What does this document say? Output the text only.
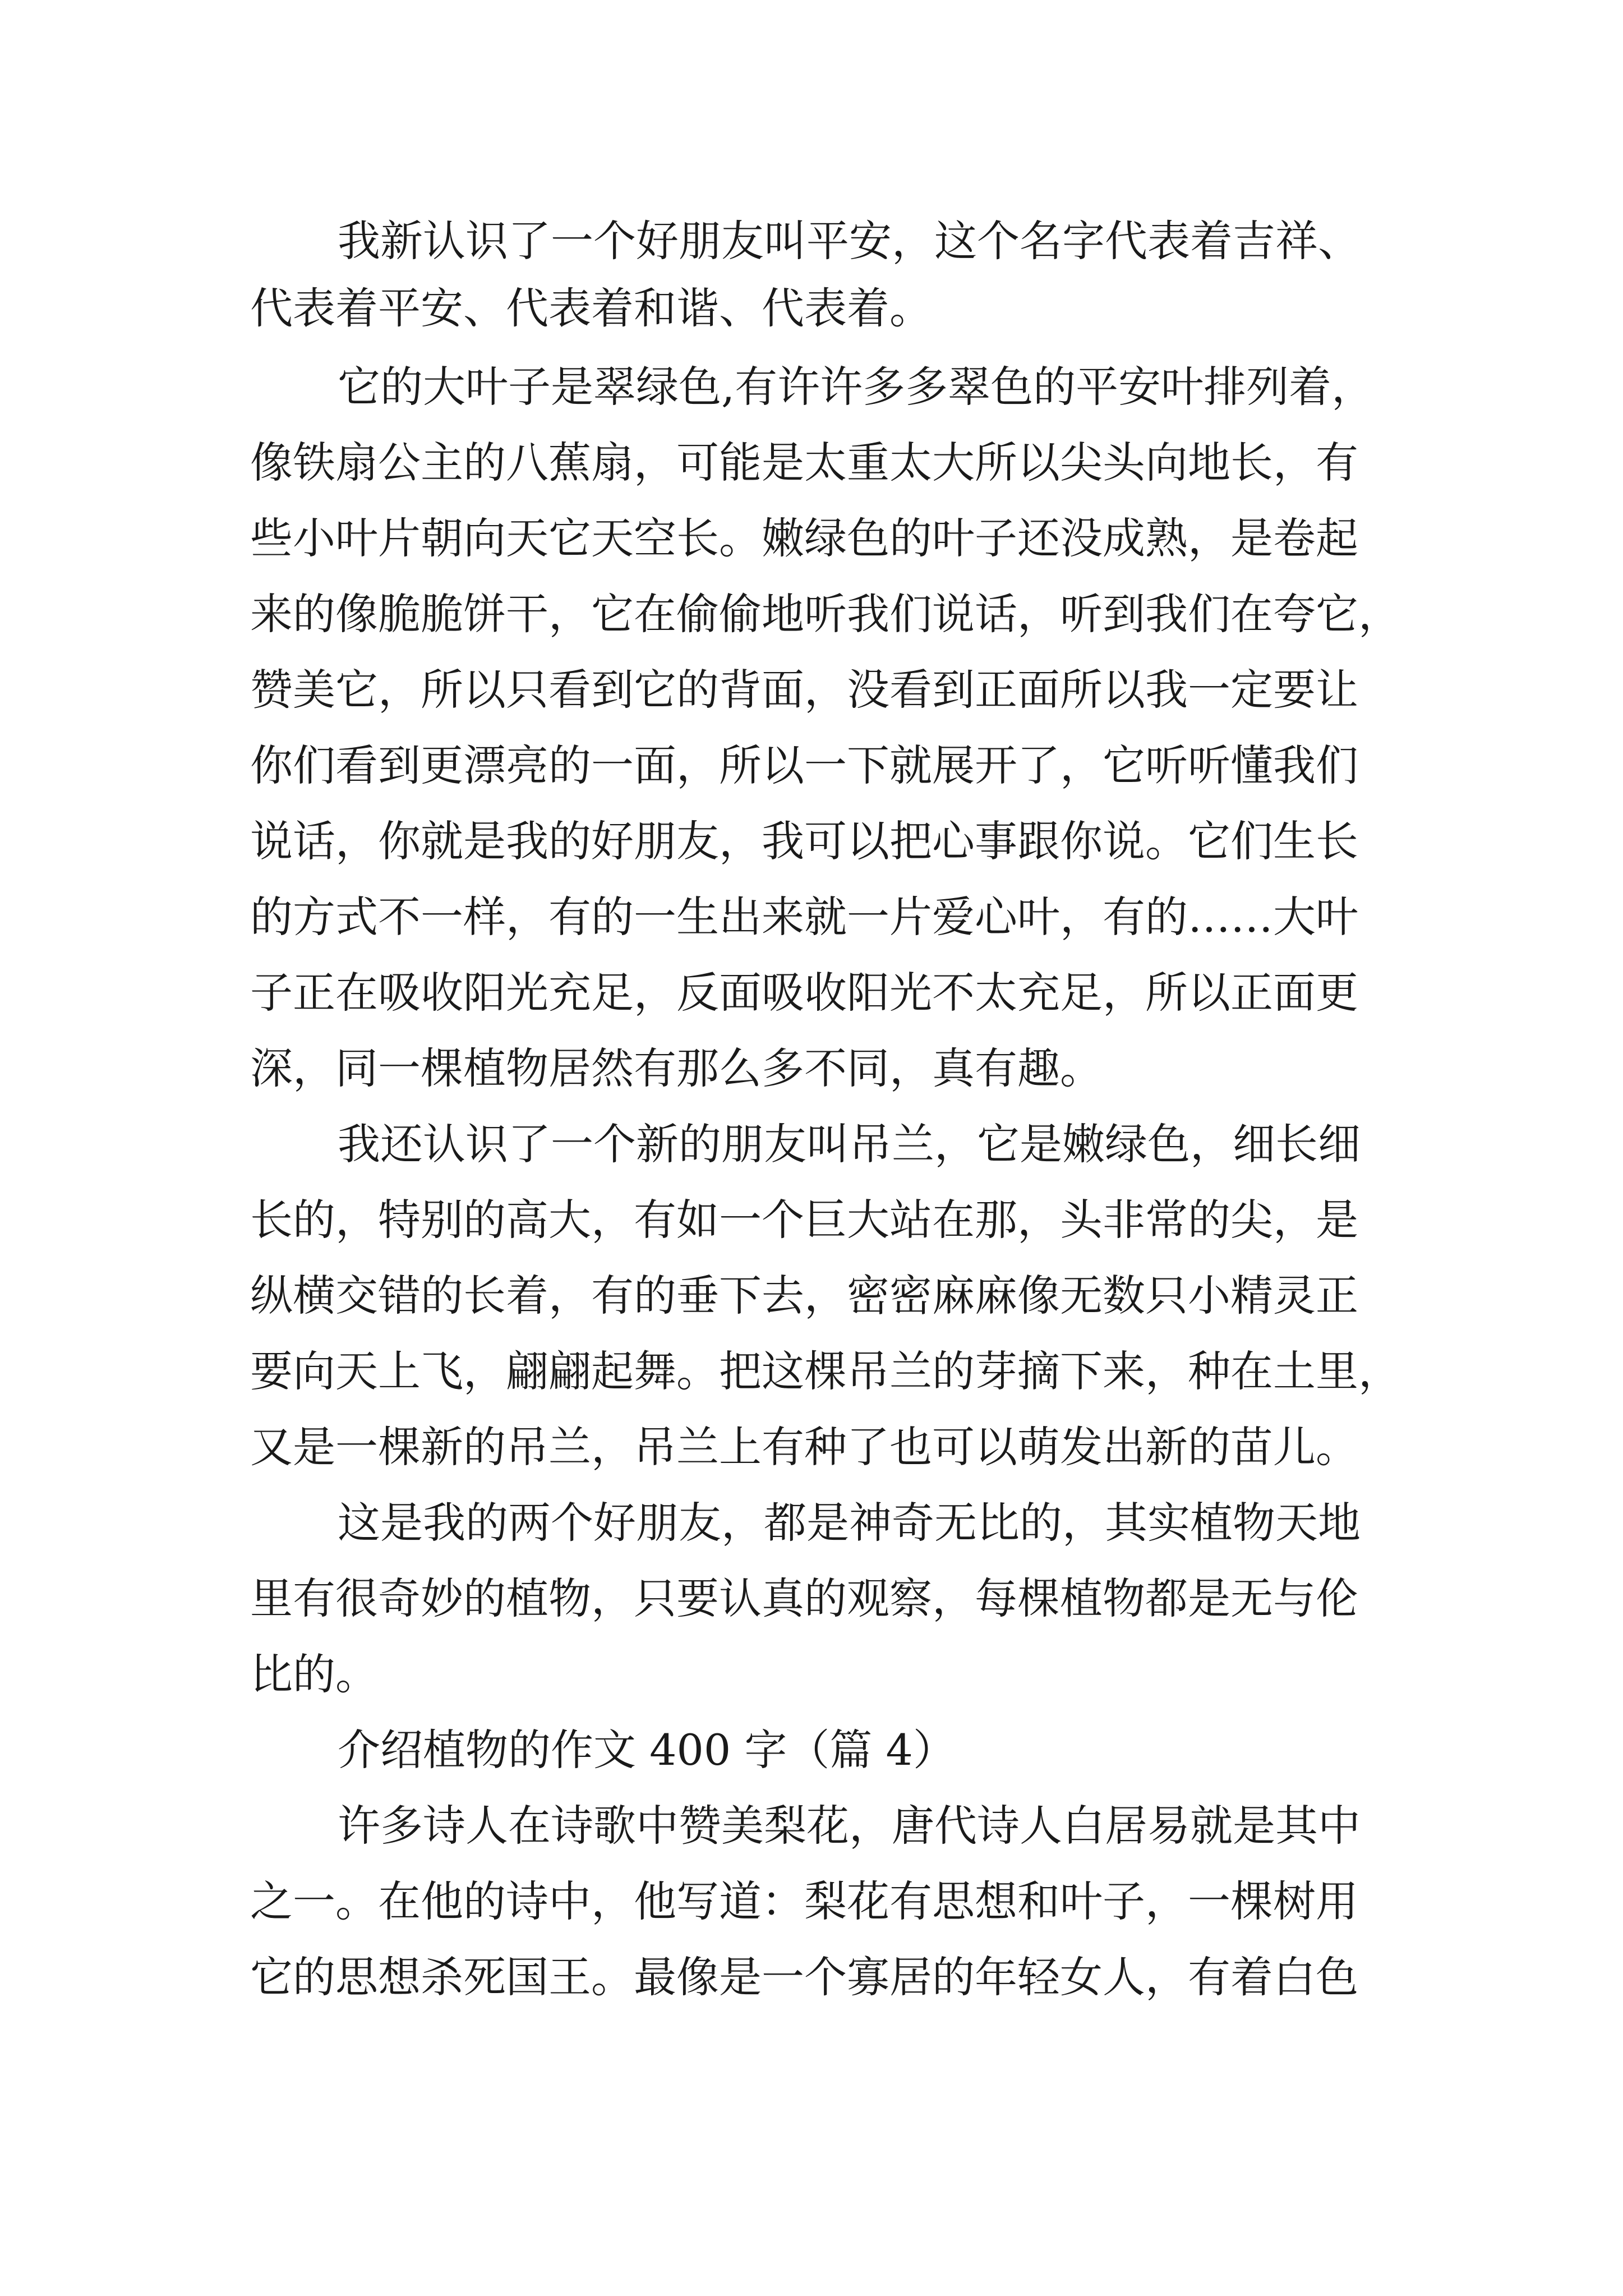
我新认识了一个好朋友叫平安，这个名字代表着吉祥、

代表着平安、代表着和谐、代表着。

它的大叶子是翠绿色,有许许多多翠色的平安叶排列着，

像铁扇公主的八蕉扇，可能是太重太大所以尖头向地长，有

些小叶片朝向天它天空长。嫩绿色的叶子还没成熟，是卷起

来的像脆脆饼干，它在偷偷地听我们说话，听到我们在夸它，

赞美它，所以只看到它的背面，没看到正面所以我一定要让

你们看到更漂亮的一面，所以一下就展开了，它听听懂我们

说话，你就是我的好朋友，我可以把心事跟你说。它们生长

的方式不一样，有的一生出来就一片爱心叶，有的……大叶

子正在吸收阳光充足，反面吸收阳光不太充足，所以正面更

深，同一棵植物居然有那么多不同，真有趣。

我还认识了一个新的朋友叫吊兰，它是嫩绿色，细长细

长的，特别的高大，有如一个巨大站在那，头非常的尖，是

纵横交错的长着，有的垂下去，密密麻麻像无数只小精灵正

要向天上飞，翩翩起舞。把这棵吊兰的芽摘下来，种在土里，

又是一棵新的吊兰，吊兰上有种了也可以萌发出新的苗儿。

这是我的两个好朋友，都是神奇无比的，其实植物天地

里有很奇妙的植物，只要认真的观察，每棵植物都是无与伦

比的。

介绍植物的作文 400 字（篇 4）

许多诗人在诗歌中赞美梨花，唐代诗人白居易就是其中

之一。在他的诗中，他写道：梨花有思想和叶子，一棵树用

它的思想杀死国王。最像是一个寡居的年轻女人，有着白色
